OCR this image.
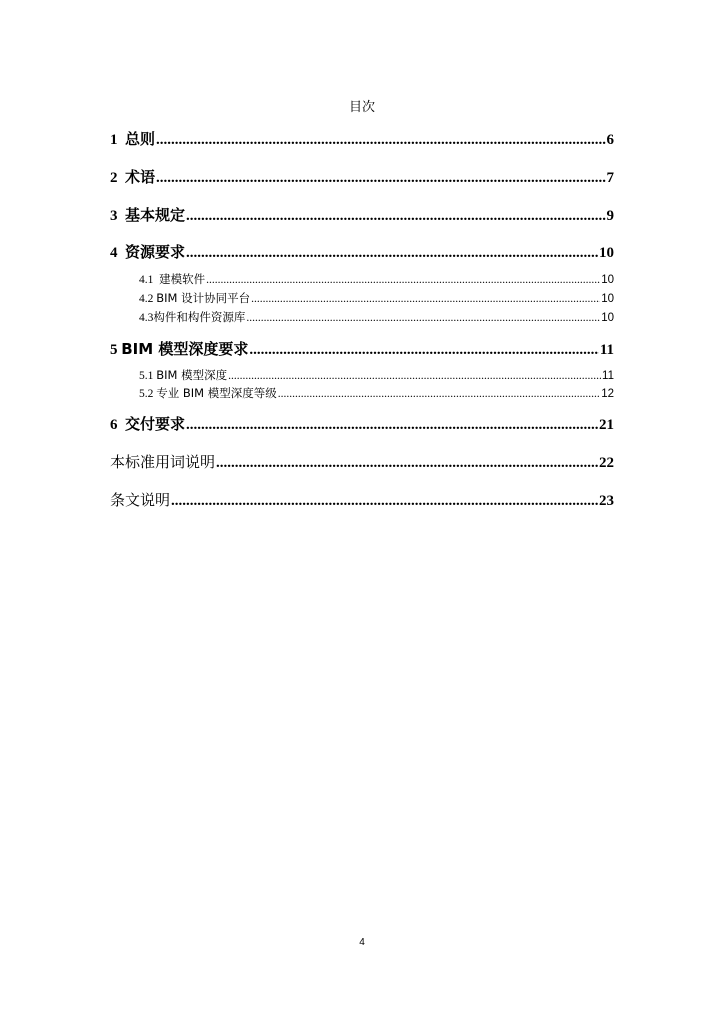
目次
1 总则 .....	6
2 术语 .....	7
3 基本规定 .....	9
4 资源要求 .....	10
4.1 建模软件 .....	10
4.2 BIM 设计协同平台 .....	10
4.3构件和构件资源库 .....	10
5 BIM 模型深度要求 .....	11
5.1 BIM 模型深度 .....	11
5.2 专业 BIM 模型深度等级 .....	12
6 交付要求 .....	21
本标准用词说明 .....	22
条文说明 .....	23
4
